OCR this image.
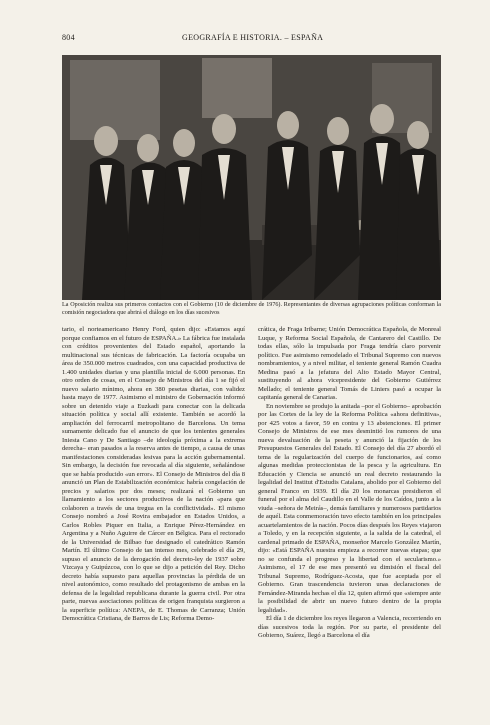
804	GEOGRAFÍA E HISTORIA. – ESPAÑA
La Oposición realiza sus primeros contactos con el Gobierno (10 de diciembre de 1976). Representantes de diversas agrupaciones políticas conforman la comisión negociadora que abrirá el diálogo en los días sucesivos

tario, el norteamericano Henry Ford, quien dijo: «Estamos aquí porque confiamos en el futuro de ESPAÑA.» La fábrica fue instalada con créditos provenientes del Estado español, aportando la multinacional sus técnicas de fabricación. La factoría ocupaba un área de 350.000 metros cuadrados, con una capacidad productiva de 1.400 unidades diarias y una plantilla inicial de 6.000 personas. En otro orden de cosas, en el Consejo de Ministros del día 1 se fijó el nuevo salario mínimo, ahora en 380 pesetas diarias, con validez hasta mayo de 1977. Asimismo el ministro de Gobernación informó sobre un detenido viaje a Euzkadi para conectar con la delicada situación política y social allí existente. También se acordó la ampliación del ferrocarril metropolitano de Barcelona. Un tema sumamente delicado fue el anuncio de que los tenientes generales Iniesta Cano y De Santiago –de ideología próxima a la extrema derecha– eran pasados a la reserva antes de tiempo, a causa de unas manifestaciones consideradas lesivas para la acción gubernamental. Sin embargo, la decisión fue revocada al día siguiente, señalándose que se había producido «un error». El Consejo de Ministros del día 8 anunció un Plan de Estabilización económica: habría congelación de precios y salarios por dos meses; realizará el Gobierno un llamamiento a los sectores productivos de la nación «para que colaboren a través de una tregua en la conflictividad». El mismo Consejo nombró a José Rovira embajador en Estados Unidos, a Carlos Robles Piquer en Italia, a Enrique Pérez-Hernández en Argentina y a Nuño Aguirre de Cárcer en Bélgica. Para el rectorado de la Universidad de Bilbao fue designado el catedrático Ramón Martín. El último Consejo de tan intenso mes, celebrado el día 29, supuso el anuncio de la derogación del decreto-ley de 1937 sobre Vizcaya y Guipúzcoa, con lo que se dijo a petición del Rey. Dicho decreto había supuesto para aquellas provincias la pérdida de un nivel autonómico, como resultado del protagonismo de ambas en la defensa de la legalidad republicana durante la guerra civil. Por otra parte, nuevas asociaciones políticas de origen franquista surgieron a la superficie política: ANEPA, de E. Thomas de Carranza; Unión Democrática Cristiana, de Barros de Lis; Reforma Demo-

crática, de Fraga Iribarne; Unión Democrática Española, de Monreal Luque, y Reforma Social Española, de Cantarero del Castillo. De todas ellas, sólo la impulsada por Fraga tendría claro porvenir político. Fue asimismo remodelado el Tribunal Supremo con nuevos nombramientos, y a nivel militar, el teniente general Ramón Cuadra Medina pasó a la jefatura del Alto Estado Mayor Central, sustituyendo al ahora vicepresidente del Gobierno Gutiérrez Mellado; el teniente general Tomás de Liniers pasó a ocupar la capitanía general de Canarias.

En noviembre se produjo la anitada –por el Gobierno– aprobación por las Cortes de la ley de la Reforma Política «ahora definitiva», por 425 votos a favor, 59 en contra y 13 abstenciones. El primer Consejo de Ministros de ese mes desmintió los rumores de una nueva devaluación de la peseta y anunció la fijación de los Presupuestos Generales del Estado. El Consejo del día 27 abordó el tema de la regularización del cuerpo de funcionarios, así como algunas medidas proteccionistas de la pesca y la agricultura. En Educación y Ciencia se anunció un real decreto restaurando la legalidad del Institut d'Estudis Catalans, abolido por el Gobierno del general Franco en 1939. El día 20 los monarcas presidieron el funeral por el alma del Caudillo en el Valle de los Caídos, junto a la viuda –señora de Meirás–, demás familiares y numerosos partidarios de aquél. Esta conmemoración tuvo efecto también en los principales acuartelamientos de la nación. Pocos días después los Reyes viajaron a Toledo, y en la recepción siguiente, a la salida de la catedral, el cardenal primado de ESPAÑA, monseñor Marcelo González Martín, dijo: «Está ESPAÑA nuestra empieza a recorrer nuevas etapas; que no se confunda el progreso y la libertad con el secularismo.» Asimismo, el 17 de ese mes presentó su dimisión el fiscal del Tribunal Supremo, Rodríguez-Acosta, que fue aceptada por el Gobierno. Gran trascendencia tuvieron unas declaraciones de Fernández-Miranda hechas el día 12, quien afirmó que «siempre ante la posibilidad de abrir un nuevo futuro dentro de la propia legalidad».

El día 1 de diciembre los reyes llegaron a Valencia, recorriendo en días sucesivos toda la región. Por su parte, el presidente del Gobierno, Suárez, llegó a Barcelona el día
